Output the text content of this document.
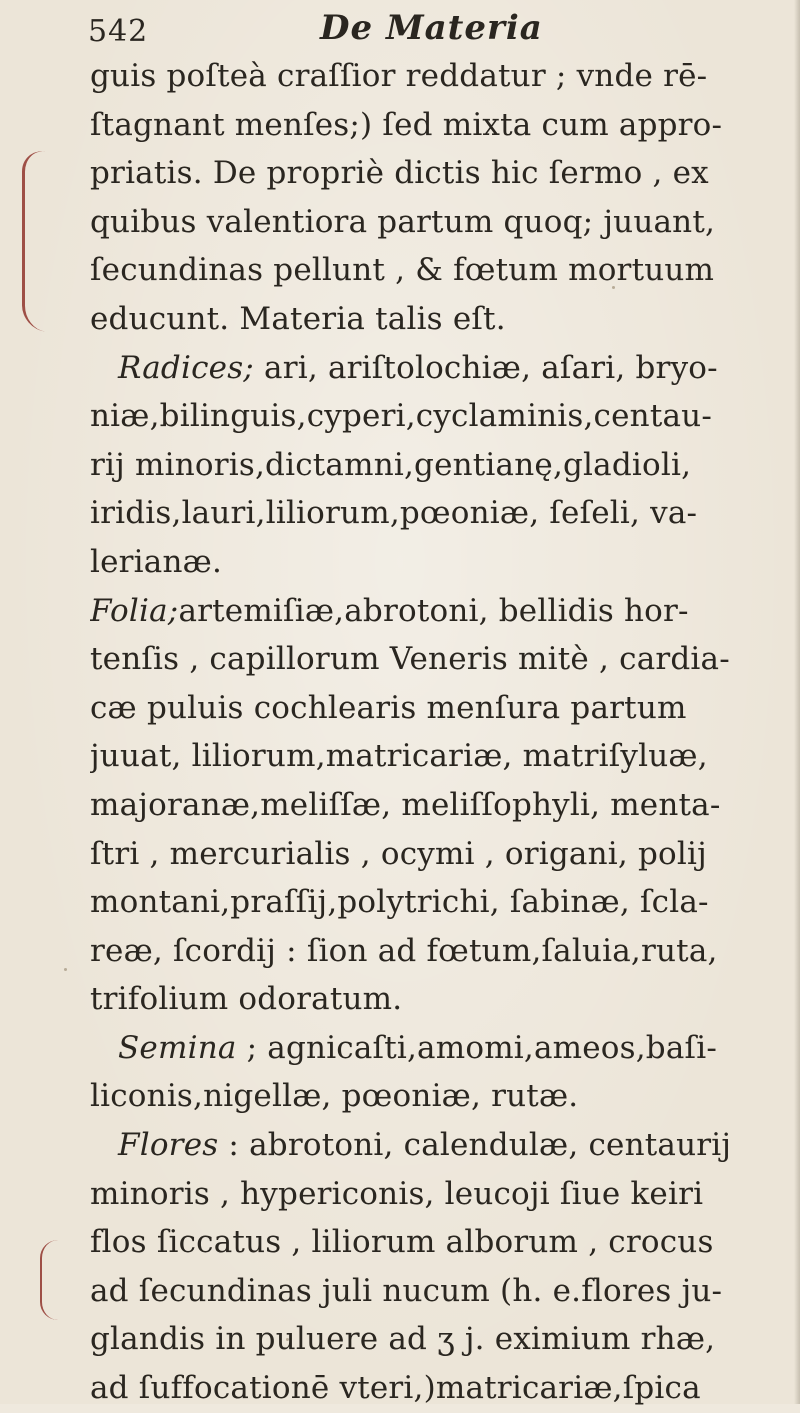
542	De Materia
guis poſteà craſſior reddatur ; vnde rē-
ſtagnant menſes;) ſed mixta cum appro-
priatis. De propriè dictis hic ſermo , ex
quibus valentiora partum quoq; juuant,
ſecundinas pellunt , & fœtum mortuum
educunt. Materia talis eſt.
Radices; ari, ariſtolochiæ, aſari, bryo-
niæ,bilinguis,cyperi,cyclaminis,centau-
rij minoris,dictamni,gentianę,gladioli,
iridis,lauri,liliorum,pœoniæ, ſeſeli, va-
lerianæ.
Folia;artemiſiæ,abrotoni, bellidis hor-
tenſis , capillorum Veneris mitè , cardia-
cæ puluis cochlearis menſura partum
juuat, liliorum,matricariæ, matriſyluæ,
majoranæ,meliſſæ, meliſſophyli, menta-
ſtri , mercurialis , ocymi , origani, polij
montani,praſſij,polytrichi, ſabinæ, ſcla-
reæ, ſcordij : ſion ad fœtum,ſaluia,ruta,
trifolium odoratum.
Semina ; agnicaſti,amomi,ameos,baſi-
liconis,nigellæ, pœoniæ, rutæ.
Flores : abrotoni, calendulæ, centaurij
minoris , hypericonis, leucoji ſiue keiri
flos ſiccatus , liliorum alborum , crocus
ad ſecundinas juli nucum (h. e.flores ju-
glandis in puluere ad ʒ j. eximium rhæ,
ad ſuffocationē vteri,)matricariæ,ſpica
